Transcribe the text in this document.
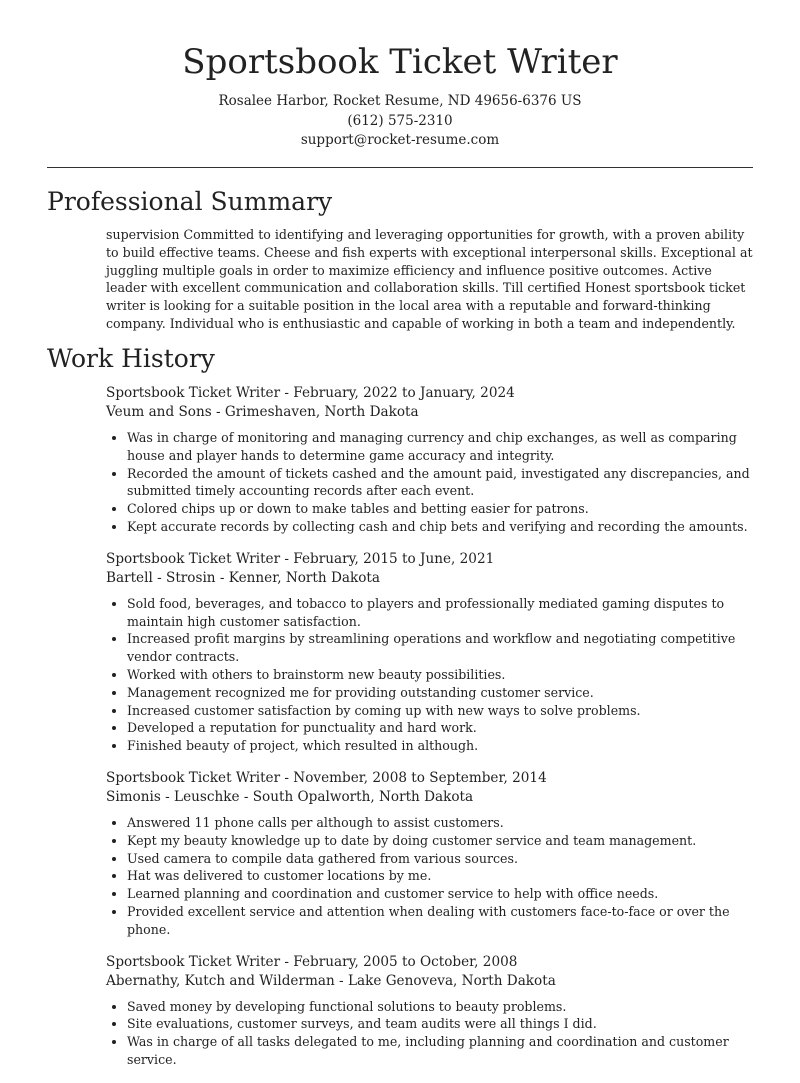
Sportsbook Ticket Writer
Rosalee Harbor, Rocket Resume, ND 49656-6376 US
(612) 575-2310
support@rocket-resume.com
Professional Summary

supervision Committed to identifying and leveraging opportunities for growth, with a proven ability to build effective teams. Cheese and fish experts with exceptional interpersonal skills. Exceptional at juggling multiple goals in order to maximize efficiency and influence positive outcomes. Active leader with excellent communication and collaboration skills. Till certified Honest sportsbook ticket writer is looking for a suitable position in the local area with a reputable and forward-thinking company. Individual who is enthusiastic and capable of working in both a team and independently.

Work History
Sportsbook Ticket Writer - February, 2022 to January, 2024
Veum and Sons - Grimeshaven, North Dakota
• Was in charge of monitoring and managing currency and chip exchanges, as well as comparing house and player hands to determine game accuracy and integrity.
• Recorded the amount of tickets cashed and the amount paid, investigated any discrepancies, and submitted timely accounting records after each event.
• Colored chips up or down to make tables and betting easier for patrons.
• Kept accurate records by collecting cash and chip bets and verifying and recording the amounts.
Sportsbook Ticket Writer - February, 2015 to June, 2021
Bartell - Strosin - Kenner, North Dakota
• Sold food, beverages, and tobacco to players and professionally mediated gaming disputes to maintain high customer satisfaction.
• Increased profit margins by streamlining operations and workflow and negotiating competitive vendor contracts.
• Worked with others to brainstorm new beauty possibilities.
• Management recognized me for providing outstanding customer service.
• Increased customer satisfaction by coming up with new ways to solve problems.
• Developed a reputation for punctuality and hard work.
• Finished beauty of project, which resulted in although.
Sportsbook Ticket Writer - November, 2008 to September, 2014
Simonis - Leuschke - South Opalworth, North Dakota
• Answered 11 phone calls per although to assist customers.
• Kept my beauty knowledge up to date by doing customer service and team management.
• Used camera to compile data gathered from various sources.
• Hat was delivered to customer locations by me.
• Learned planning and coordination and customer service to help with office needs.
• Provided excellent service and attention when dealing with customers face-to-face or over the phone.
Sportsbook Ticket Writer - February, 2005 to October, 2008
Abernathy, Kutch and Wilderman - Lake Genoveva, North Dakota
• Saved money by developing functional solutions to beauty problems.
• Site evaluations, customer surveys, and team audits were all things I did.
• Was in charge of all tasks delegated to me, including planning and coordination and customer service.
